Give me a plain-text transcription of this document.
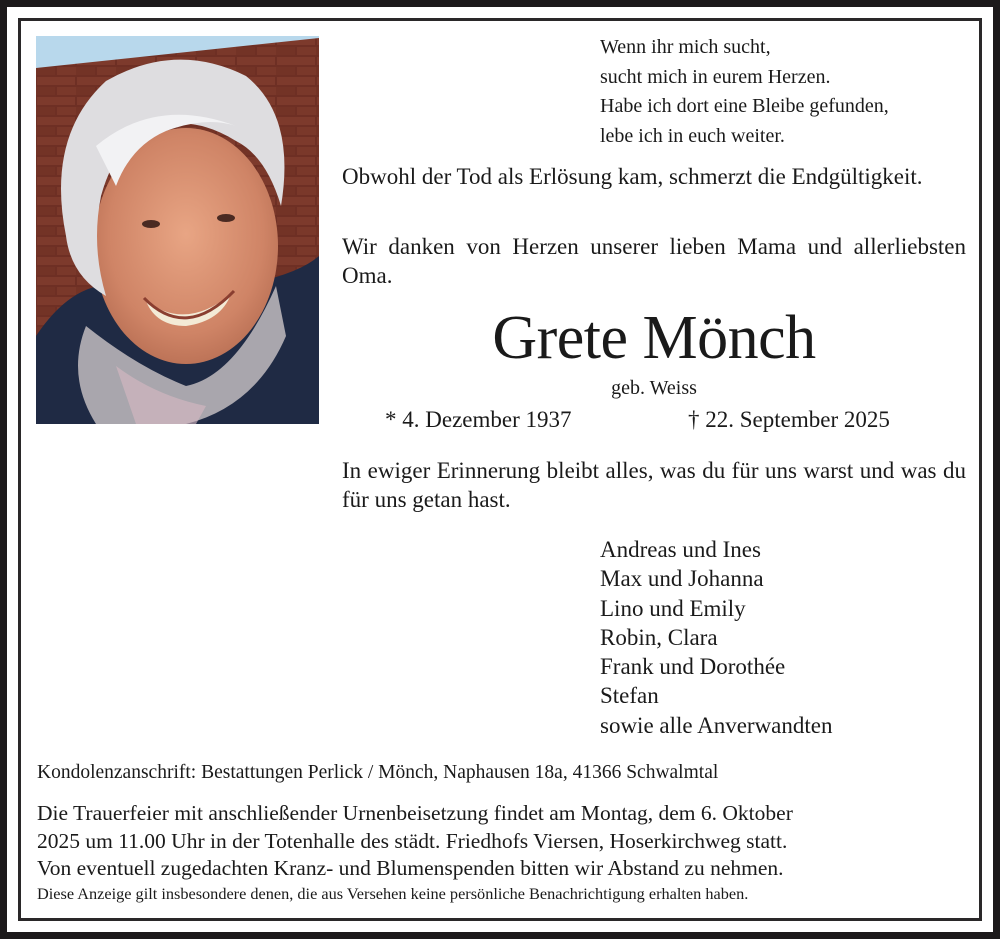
Wenn ihr mich sucht,
sucht mich in eurem Herzen.
Habe ich dort eine Bleibe gefunden,
lebe ich in euch weiter.
Obwohl der Tod als Erlösung kam, schmerzt die Endgültigkeit.
Wir danken von Herzen unserer lieben Mama und allerliebsten Oma.
Grete Mönch
geb. Weiss
* 4. Dezember 1937	† 22. September 2025
In ewiger Erinnerung bleibt alles, was du für uns warst und was du für uns getan hast.
Andreas und Ines
Max und Johanna
Lino und Emily
Robin, Clara
Frank und Dorothée
Stefan
sowie alle Anverwandten
Kondolenzanschrift: Bestattungen Perlick / Mönch, Naphausen 18a, 41366 Schwalmtal
Die Trauerfeier mit anschließender Urnenbeisetzung findet am Montag, dem 6. Oktober
2025 um 11.00 Uhr in der Totenhalle des städt. Friedhofs Viersen, Hoserkirchweg statt.
Von eventuell zugedachten Kranz- und Blumenspenden bitten wir Abstand zu nehmen.
Diese Anzeige gilt insbesondere denen, die aus Versehen keine persönliche Benachrichtigung erhalten haben.
